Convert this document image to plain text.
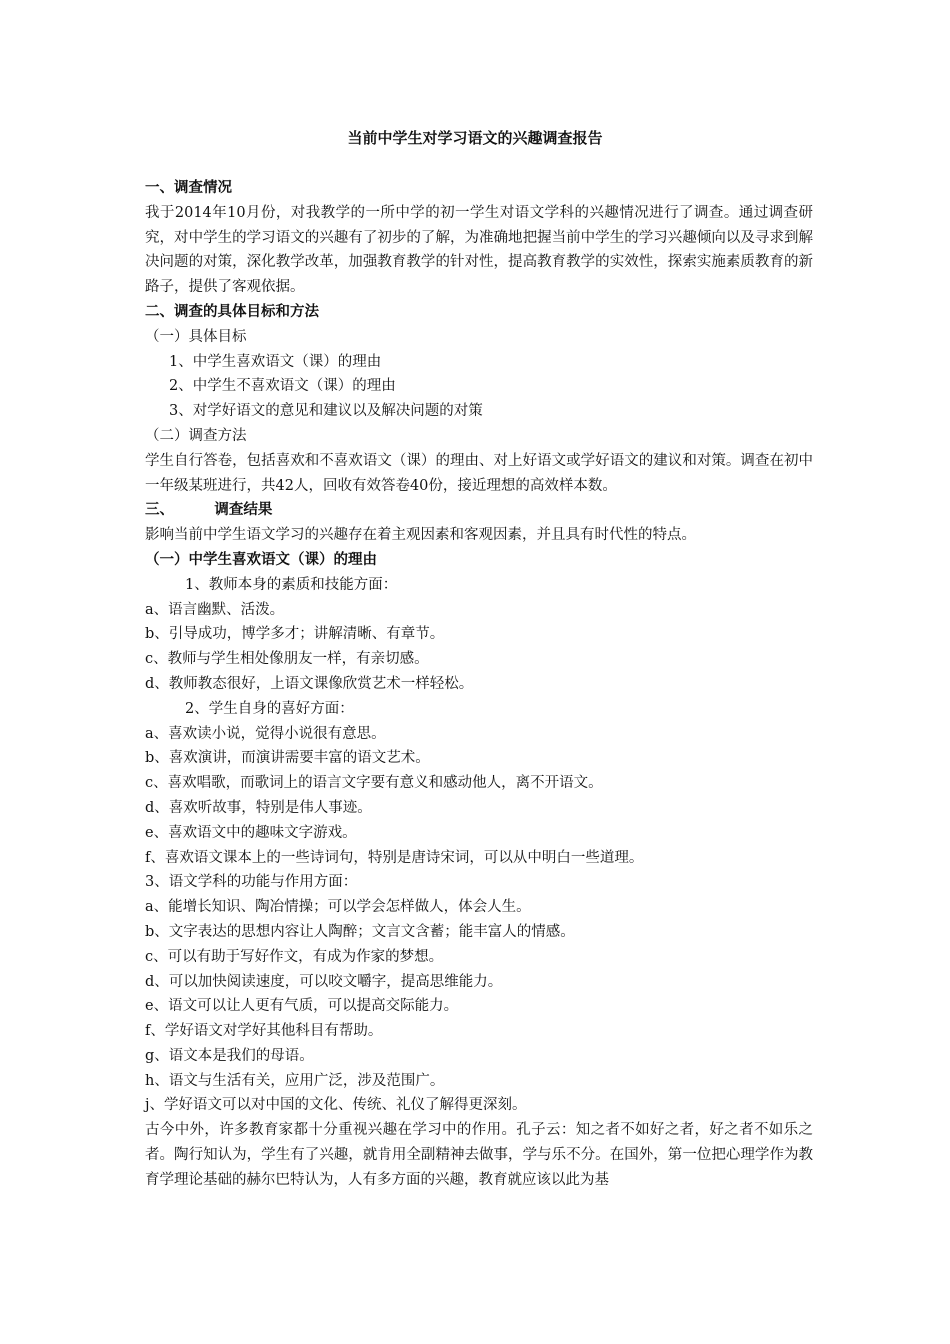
当前中学生对学习语文的兴趣调查报告

一、调查情况

我于2014年10月份，对我教学的一所中学的初一学生对语文学科的兴趣情况进行了调查。通过调查研究，对中学生的学习语文的兴趣有了初步的了解，为准确地把握当前中学生的学习兴趣倾向以及寻求到解决问题的对策，深化教学改革，加强教育教学的针对性，提高教育教学的实效性，探索实施素质教育的新路子，提供了客观依据。

二、调查的具体目标和方法

（一）具体目标

1、中学生喜欢语文（课）的理由

2、中学生不喜欢语文（课）的理由

3、对学好语文的意见和建议以及解决问题的对策

（二）调查方法

学生自行答卷，包括喜欢和不喜欢语文（课）的理由、对上好语文或学好语文的建议和对策。调查在初中一年级某班进行，共42人，回收有效答卷40份，接近理想的高效样本数。

三、        调查结果

影响当前中学生语文学习的兴趣存在着主观因素和客观因素，并且具有时代性的特点。

（一）中学生喜欢语文（课）的理由

1、教师本身的素质和技能方面：

a、语言幽默、活泼。

b、引导成功，博学多才；讲解清晰、有章节。

c、教师与学生相处像朋友一样，有亲切感。

d、教师教态很好，上语文课像欣赏艺术一样轻松。

2、学生自身的喜好方面：

a、喜欢读小说，觉得小说很有意思。

b、喜欢演讲，而演讲需要丰富的语文艺术。

c、喜欢唱歌，而歌词上的语言文字要有意义和感动他人，离不开语文。

d、喜欢听故事，特别是伟人事迹。

e、喜欢语文中的趣味文字游戏。

f、喜欢语文课本上的一些诗词句，特别是唐诗宋词，可以从中明白一些道理。

3、语文学科的功能与作用方面：

a、能增长知识、陶冶情操；可以学会怎样做人，体会人生。

b、文字表达的思想内容让人陶醉；文言文含蓄；能丰富人的情感。

c、可以有助于写好作文，有成为作家的梦想。

d、可以加快阅读速度，可以咬文嚼字，提高思维能力。

e、语文可以让人更有气质，可以提高交际能力。

f、学好语文对学好其他科目有帮助。

g、语文本是我们的母语。

h、语文与生活有关，应用广泛，涉及范围广。

j、学好语文可以对中国的文化、传统、礼仪了解得更深刻。

古今中外，许多教育家都十分重视兴趣在学习中的作用。孔子云：知之者不如好之者，好之者不如乐之者。陶行知认为，学生有了兴趣，就肯用全副精神去做事，学与乐不分。在国外，第一位把心理学作为教育学理论基础的赫尔巴特认为，人有多方面的兴趣，教育就应该以此为基
